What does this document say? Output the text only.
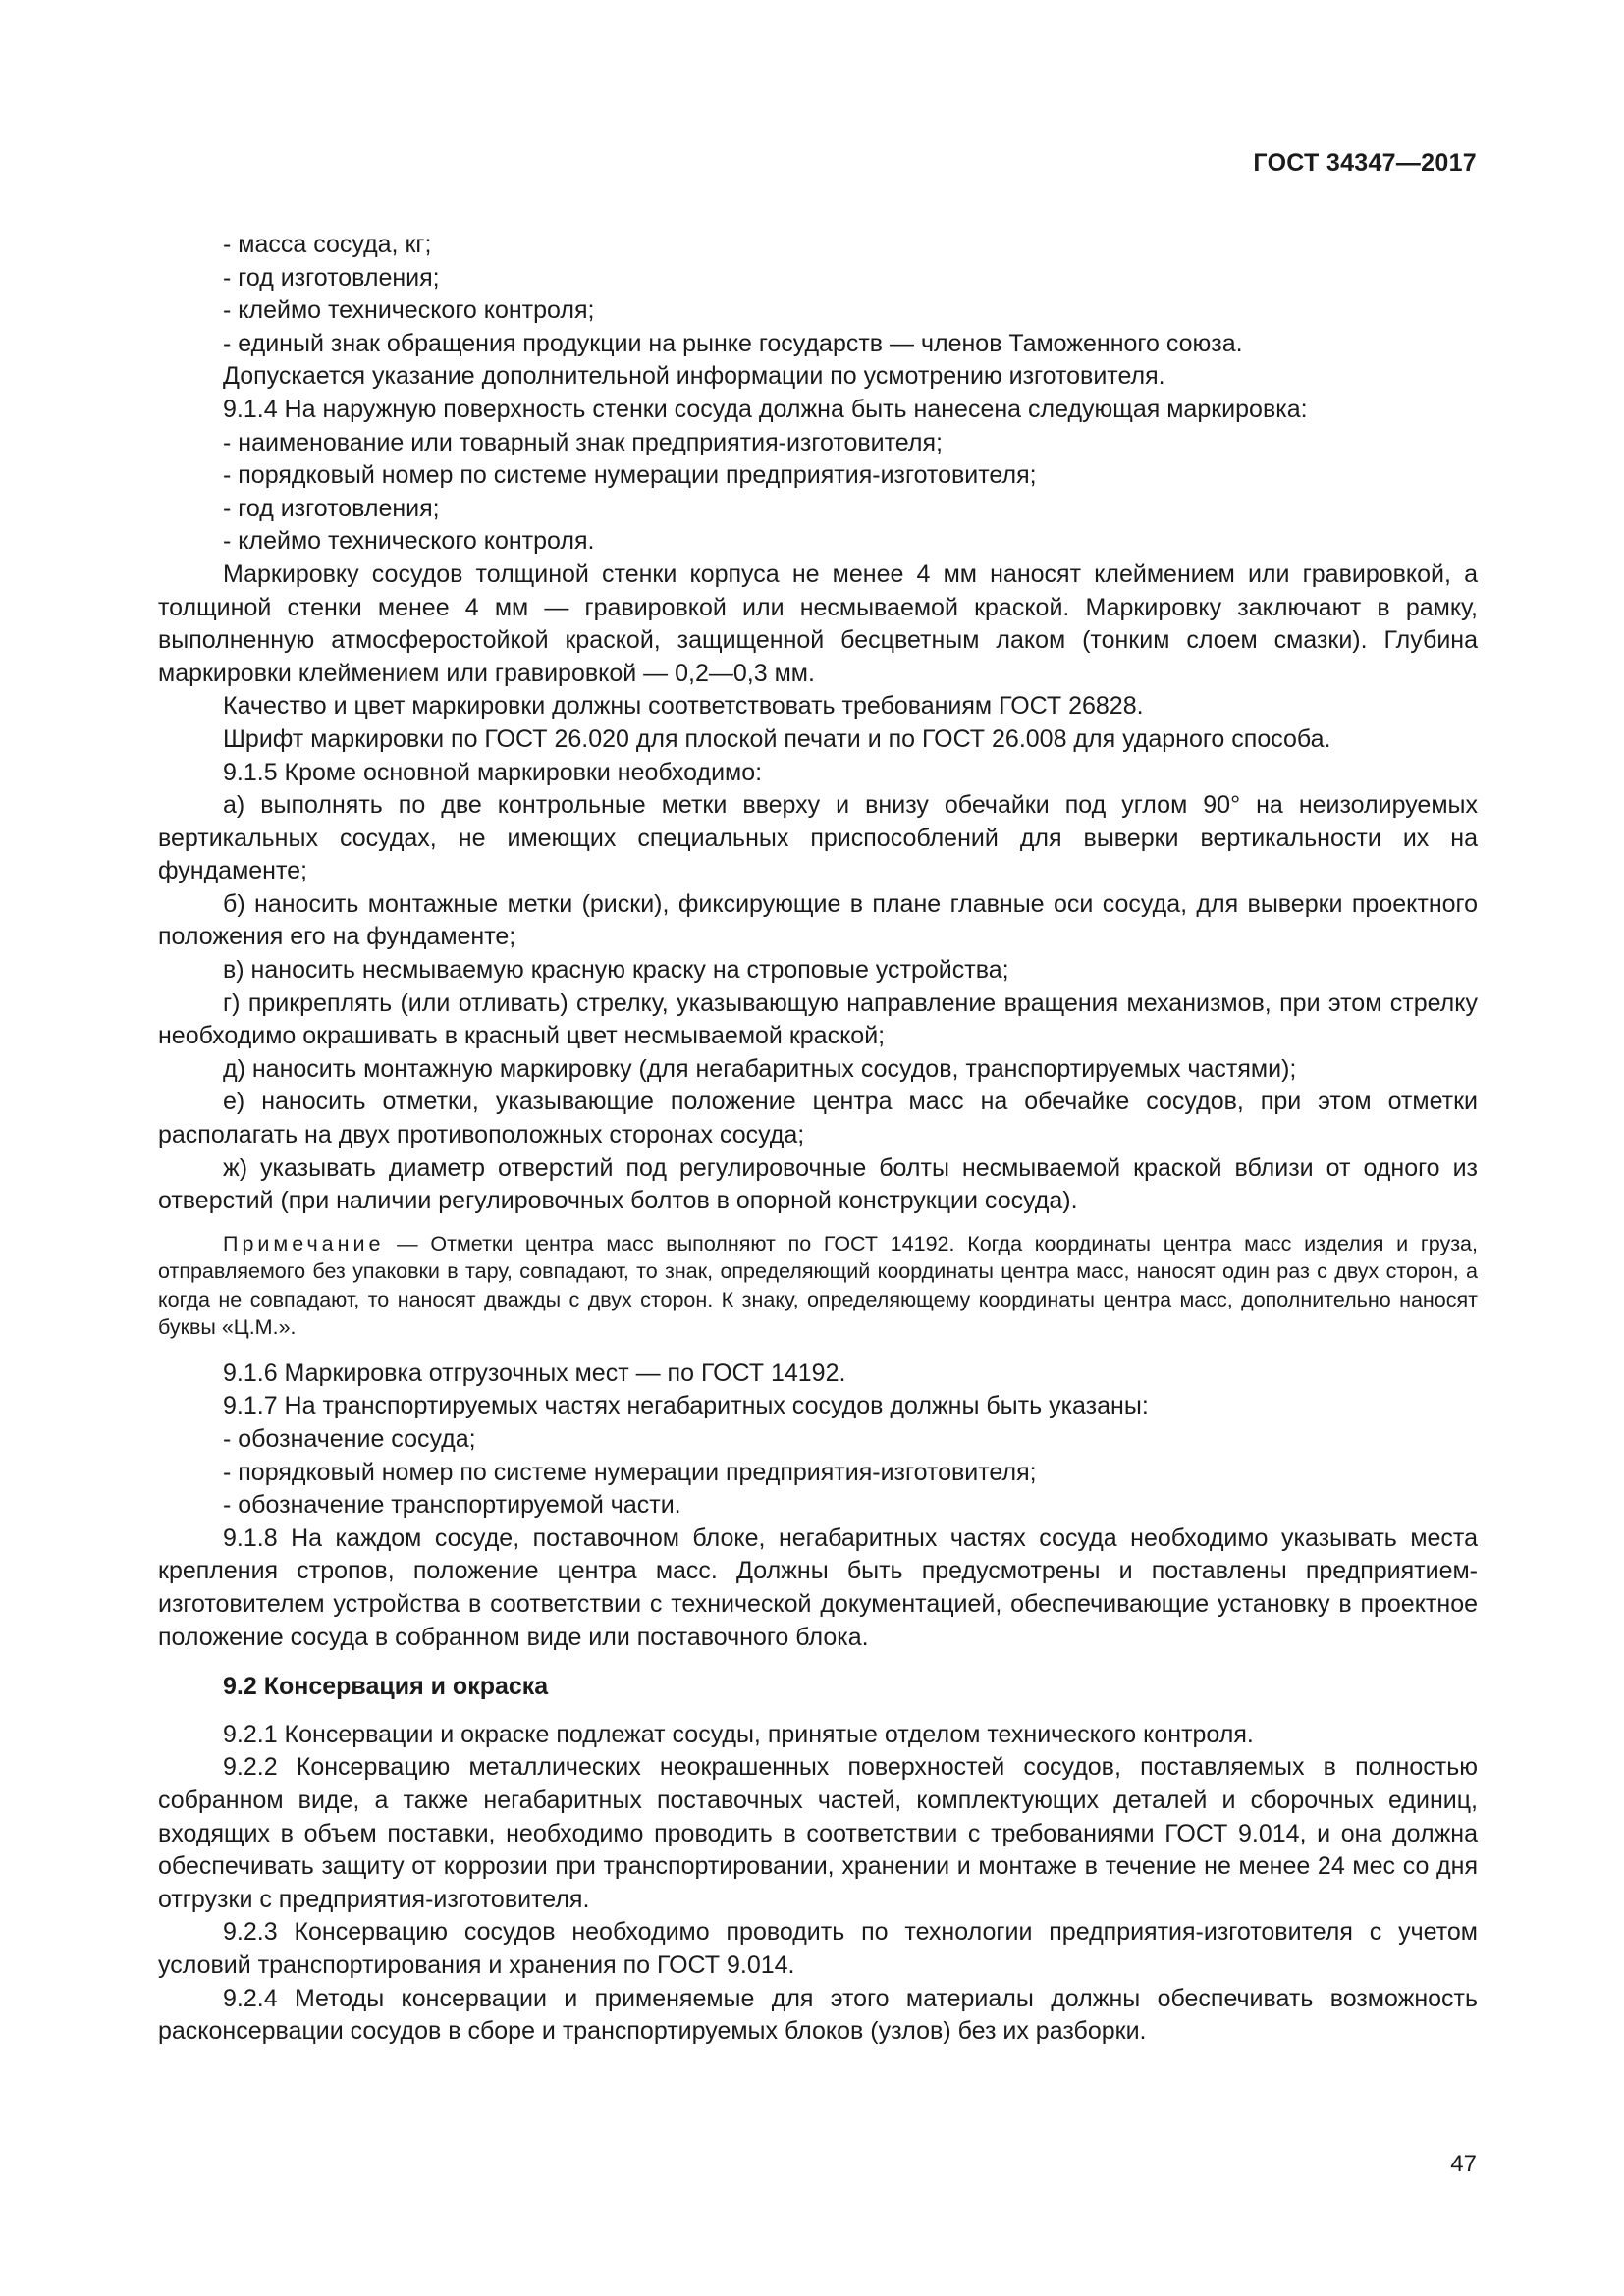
ГОСТ 34347—2017

- масса сосуда, кг;

- год изготовления;

- клеймо технического контроля;

- единый знак обращения продукции на рынке государств — членов Таможенного союза.

Допускается указание дополнительной информации по усмотрению изготовителя.

9.1.4 На наружную поверхность стенки сосуда должна быть нанесена следующая маркировка:

- наименование или товарный знак предприятия-изготовителя;

- порядковый номер по системе нумерации предприятия-изготовителя;

- год изготовления;

- клеймо технического контроля.

Маркировку сосудов толщиной стенки корпуса не менее 4 мм наносят клеймением или гравировкой, а толщиной стенки менее 4 мм — гравировкой или несмываемой краской. Маркировку заключают в рамку, выполненную атмосферостойкой краской, защищенной бесцветным лаком (тонким слоем смазки). Глубина маркировки клеймением или гравировкой — 0,2—0,3 мм.

Качество и цвет маркировки должны соответствовать требованиям ГОСТ 26828.

Шрифт маркировки по ГОСТ 26.020 для плоской печати и по ГОСТ 26.008 для ударного способа.

9.1.5 Кроме основной маркировки необходимо:

а) выполнять по две контрольные метки вверху и внизу обечайки под углом 90° на неизолируемых вертикальных сосудах, не имеющих специальных приспособлений для выверки вертикальности их на фундаменте;

б) наносить монтажные метки (риски), фиксирующие в плане главные оси сосуда, для выверки проектного положения его на фундаменте;

в) наносить несмываемую красную краску на строповые устройства;

г) прикреплять (или отливать) стрелку, указывающую направление вращения механизмов, при этом стрелку необходимо окрашивать в красный цвет несмываемой краской;

д) наносить монтажную маркировку (для негабаритных сосудов, транспортируемых частями);

е) наносить отметки, указывающие положение центра масс на обечайке сосудов, при этом отметки располагать на двух противоположных сторонах сосуда;

ж) указывать диаметр отверстий под регулировочные болты несмываемой краской вблизи от одного из отверстий (при наличии регулировочных болтов в опорной конструкции сосуда).

Примечание — Отметки центра масс выполняют по ГОСТ 14192. Когда координаты центра масс изделия и груза, отправляемого без упаковки в тару, совпадают, то знак, определяющий координаты центра масс, наносят один раз с двух сторон, а когда не совпадают, то наносят дважды с двух сторон. К знаку, определяющему координаты центра масс, дополнительно наносят буквы «Ц.М.».

9.1.6 Маркировка отгрузочных мест — по ГОСТ 14192.

9.1.7 На транспортируемых частях негабаритных сосудов должны быть указаны:

- обозначение сосуда;

- порядковый номер по системе нумерации предприятия-изготовителя;

- обозначение транспортируемой части.

9.1.8 На каждом сосуде, поставочном блоке, негабаритных частях сосуда необходимо указывать места крепления стропов, положение центра масс. Должны быть предусмотрены и поставлены предприятием-изготовителем устройства в соответствии с технической документацией, обеспечивающие установку в проектное положение сосуда в собранном виде или поставочного блока.

9.2 Консервация и окраска

9.2.1 Консервации и окраске подлежат сосуды, принятые отделом технического контроля.

9.2.2 Консервацию металлических неокрашенных поверхностей сосудов, поставляемых в полностью собранном виде, а также негабаритных поставочных частей, комплектующих деталей и сборочных единиц, входящих в объем поставки, необходимо проводить в соответствии с требованиями ГОСТ 9.014, и она должна обеспечивать защиту от коррозии при транспортировании, хранении и монтаже в течение не менее 24 мес со дня отгрузки с предприятия-изготовителя.

9.2.3 Консервацию сосудов необходимо проводить по технологии предприятия-изготовителя с учетом условий транспортирования и хранения по ГОСТ 9.014.

9.2.4 Методы консервации и применяемые для этого материалы должны обеспечивать возможность расконсервации сосудов в сборе и транспортируемых блоков (узлов) без их разборки.

47
